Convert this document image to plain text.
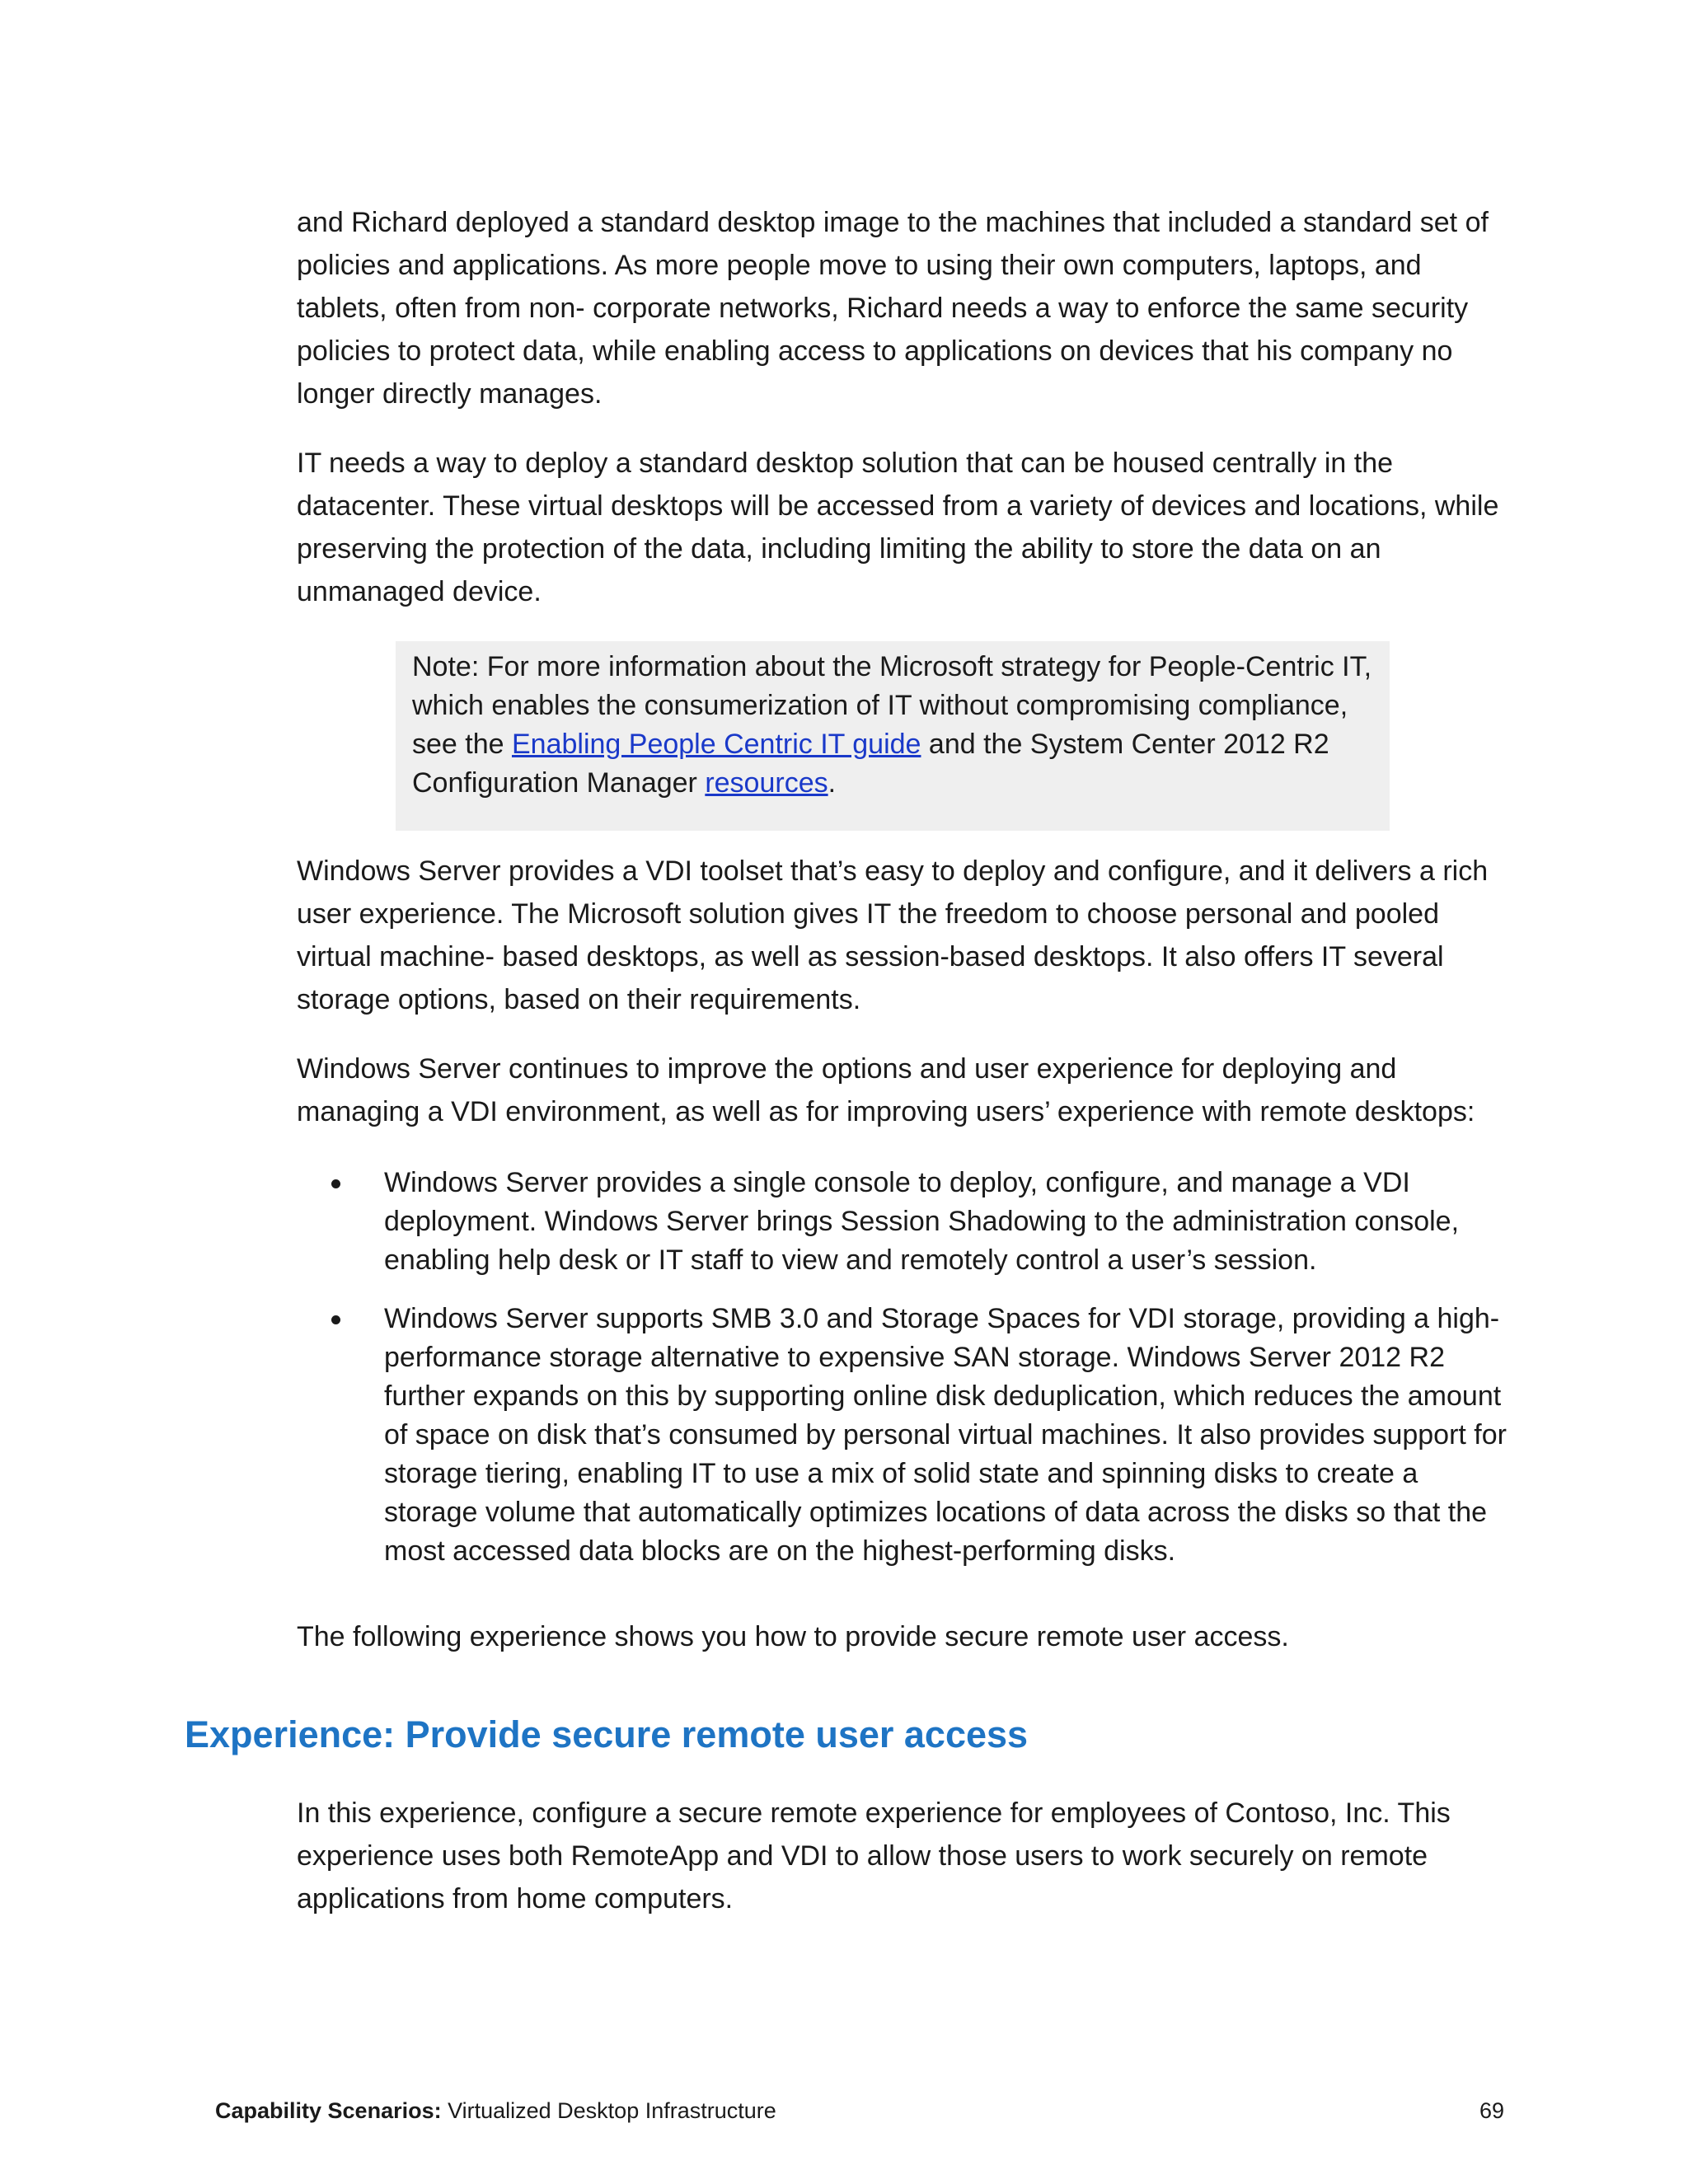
and Richard deployed a standard desktop image to the machines that included a standard set of policies and applications. As more people move to using their own computers, laptops, and tablets, often from non- corporate networks, Richard needs a way to enforce the same security policies to protect data, while enabling access to applications on devices that his company no longer directly manages.

IT needs a way to deploy a standard desktop solution that can be housed centrally in the datacenter. These virtual desktops will be accessed from a variety of devices and locations, while preserving the protection of the data, including limiting the ability to store the data on an unmanaged device.

Note: For more information about the Microsoft strategy for People-Centric IT, which enables the consumerization of IT without compromising compliance, see the Enabling People Centric IT guide and the System Center 2012 R2 Configuration Manager resources.

Windows Server provides a VDI toolset that’s easy to deploy and configure, and it delivers a rich user experience. The Microsoft solution gives IT the freedom to choose personal and pooled virtual machine- based desktops, as well as session-based desktops. It also offers IT several storage options, based on their requirements.

Windows Server continues to improve the options and user experience for deploying and managing a VDI environment, as well as for improving users’ experience with remote desktops:

Windows Server provides a single console to deploy, configure, and manage a VDI deployment. Windows Server brings Session Shadowing to the administration console, enabling help desk or IT staff to view and remotely control a user’s session.
Windows Server supports SMB 3.0 and Storage Spaces for VDI storage, providing a high-performance storage alternative to expensive SAN storage. Windows Server 2012 R2 further expands on this by supporting online disk deduplication, which reduces the amount of space on disk that’s consumed by personal virtual machines. It also provides support for storage tiering, enabling IT to use a mix of solid state and spinning disks to create a storage volume that automatically optimizes locations of data across the disks so that the most accessed data blocks are on the highest-performing disks.

The following experience shows you how to provide secure remote user access.

Experience: Provide secure remote user access

In this experience, configure a secure remote experience for employees of Contoso, Inc. This experience uses both RemoteApp and VDI to allow those users to work securely on remote applications from home computers.

Capability Scenarios: Virtualized Desktop Infrastructure	69
